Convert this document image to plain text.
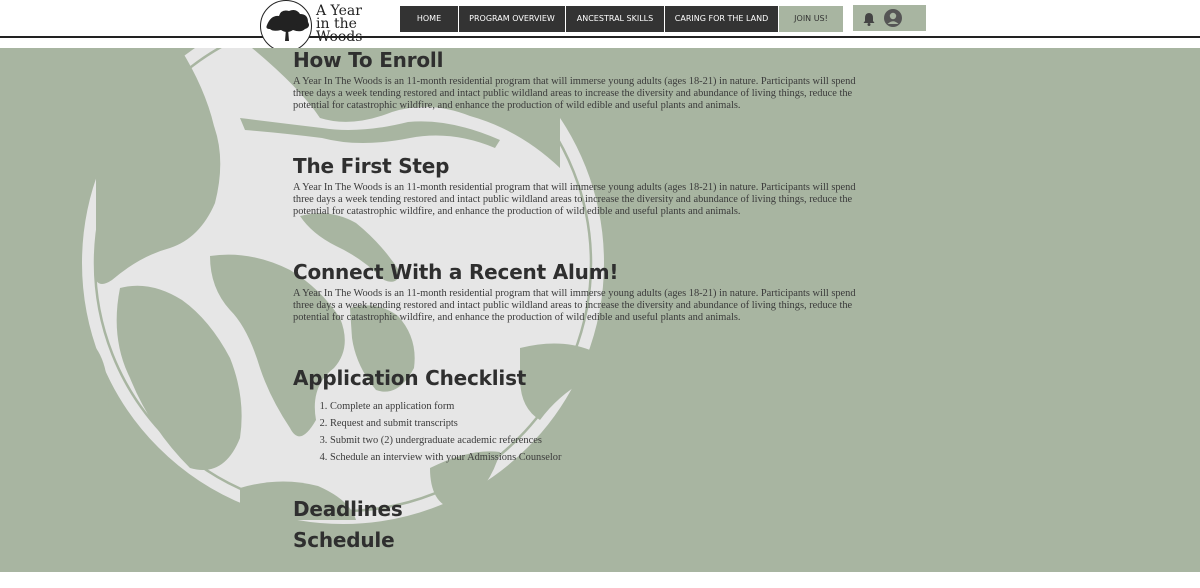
A Year
in the Woods
HOME	PROGRAM OVERVIEW	ANCESTRAL SKILLS	CARING FOR THE LAND	JOIN US!
How To Enroll

A Year In The Woods is an 11-month residential program that will immerse young adults (ages 18-21) in nature. Participants will spend three days a week tending restored and intact public wildland areas to increase the diversity and abundance of living things, reduce the potential for catastrophic wildfire, and enhance the production of wild edible and useful plants and animals.

The First Step

A Year In The Woods is an 11-month residential program that will immerse young adults (ages 18-21) in nature. Participants will spend three days a week tending restored and intact public wildland areas to increase the diversity and abundance of living things, reduce the potential for catastrophic wildfire, and enhance the production of wild edible and useful plants and animals.

Connect With a Recent Alum!

A Year In The Woods is an 11-month residential program that will immerse young adults (ages 18-21) in nature. Participants will spend three days a week tending restored and intact public wildland areas to increase the diversity and abundance of living things, reduce the potential for catastrophic wildfire, and enhance the production of wild edible and useful plants and animals.

Application Checklist
1. Complete an application form
2. Request and submit transcripts
3. Submit two (2) undergraduate academic references
4. Schedule an interview with your Admissions Counselor
Deadlines
Schedule
